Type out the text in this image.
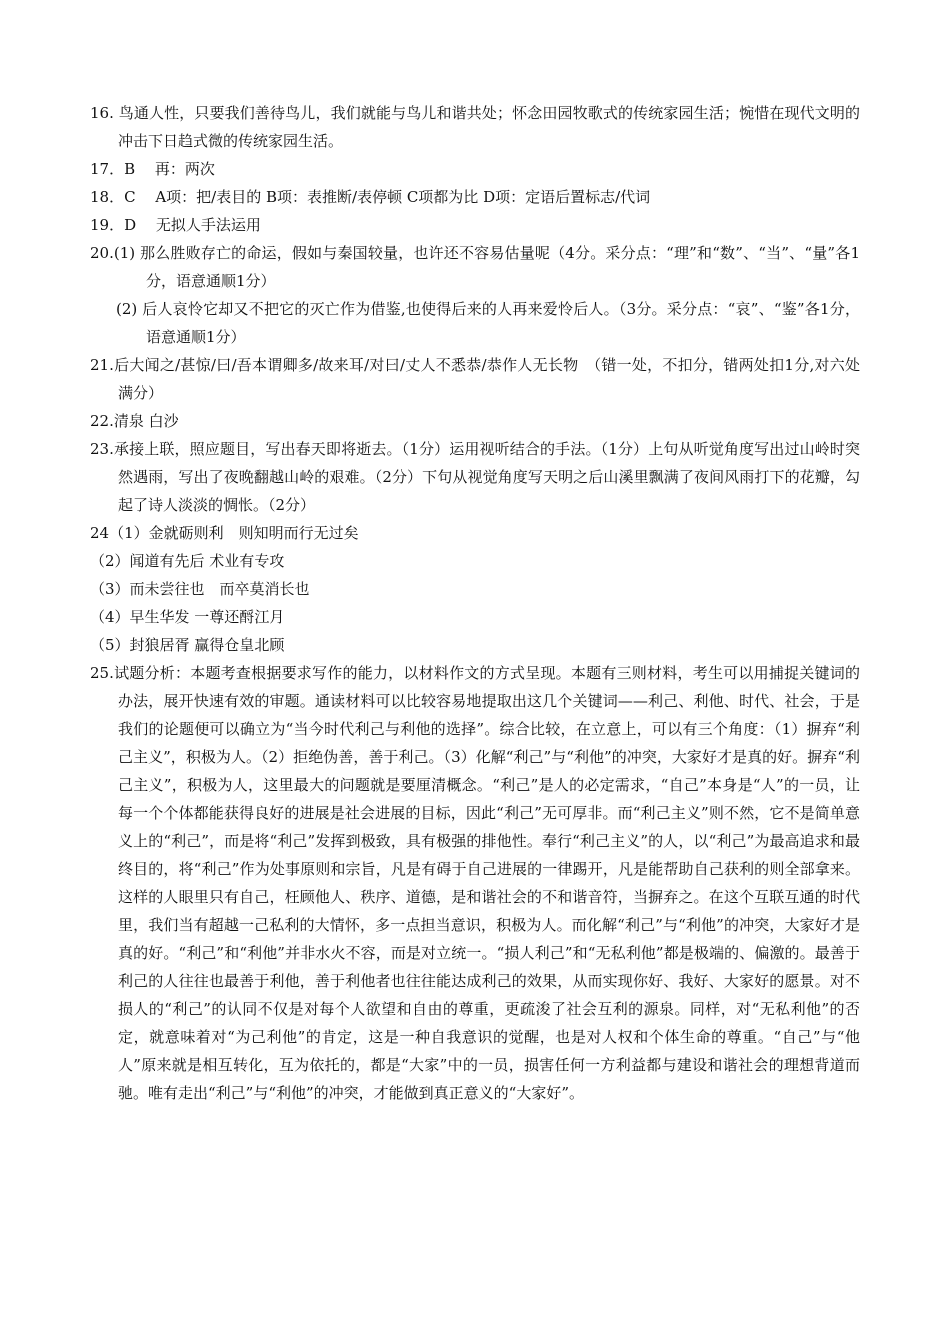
16. 鸟通人性，只要我们善待鸟儿，我们就能与鸟儿和谐共处；怀念田园牧歌式的传统家园生活；惋惜在现代文明的冲击下日趋式微的传统家园生活。

17．B　 再：两次

18．C　 A项：把/表目的 B项：表推断/表停顿 C项都为比 D项：定语后置标志/代词

19．D　 无拟人手法运用

20.(1) 那么胜败存亡的命运，假如与秦国较量，也许还不容易估量呢（4分。采分点：“理”和“数”、“当”、“量”各1分，语意通顺1分）

(2) 后人哀怜它却又不把它的灭亡作为借鉴,也使得后来的人再来爱怜后人。（3分。采分点：“哀”、“鉴”各1分，语意通顺1分）

21.后大闻之/甚惊/曰/吾本谓卿多/故来耳/对曰/丈人不悉恭/恭作人无长物　（错一处，不扣分，错两处扣1分,对六处满分）

22.清泉 白沙

23.承接上联，照应题目，写出春天即将逝去。（1分）运用视听结合的手法。（1分）上句从听觉角度写出过山岭时突然遇雨，写出了夜晚翻越山岭的艰难。（2分）下句从视觉角度写天明之后山溪里飘满了夜间风雨打下的花瓣，勾起了诗人淡淡的惆怅。（2分）

24（1）金就砺则利　则知明而行无过矣

（2）闻道有先后 术业有专攻

（3）而未尝往也　而卒莫消长也

（4）早生华发 一尊还酹江月

（5）封狼居胥 赢得仓皇北顾

25.试题分析：本题考查根据要求写作的能力，以材料作文的方式呈现。本题有三则材料，考生可以用捕捉关键词的办法，展开快速有效的审题。通读材料可以比较容易地提取出这几个关键词——利己、利他、时代、社会，于是我们的论题便可以确立为“当今时代利己与利他的选择”。综合比较，在立意上，可以有三个角度：（1）摒弃“利己主义”，积极为人。（2）拒绝伪善，善于利己。（3）化解“利己”与“利他”的冲突，大家好才是真的好。摒弃“利己主义”，积极为人，这里最大的问题就是要厘清概念。“利己”是人的必定需求，“自己”本身是“人”的一员，让每一个个体都能获得良好的进展是社会进展的目标，因此“利己”无可厚非。而“利己主义”则不然，它不是简单意义上的“利己”，而是将“利己”发挥到极致，具有极强的排他性。奉行“利己主义”的人，以“利己”为最高追求和最终目的，将“利己”作为处事原则和宗旨，凡是有碍于自己进展的一律踢开，凡是能帮助自己获利的则全部拿来。这样的人眼里只有自己，枉顾他人、秩序、道德，是和谐社会的不和谐音符，当摒弃之。在这个互联互通的时代里，我们当有超越一己私利的大情怀，多一点担当意识，积极为人。而化解“利己”与“利他”的冲突，大家好才是真的好。“利己”和“利他”并非水火不容，而是对立统一。“损人利己”和“无私利他”都是极端的、偏激的。最善于利己的人往往也最善于利他，善于利他者也往往能达成利己的效果，从而实现你好、我好、大家好的愿景。对不损人的“利己”的认同不仅是对每个人欲望和自由的尊重，更疏浚了社会互利的源泉。同样，对“无私利他”的否定，就意味着对“为己利他”的肯定，这是一种自我意识的觉醒，也是对人权和个体生命的尊重。“自己”与“他人”原来就是相互转化，互为依托的，都是“大家”中的一员，损害任何一方利益都与建设和谐社会的理想背道而驰。唯有走出“利己”与“利他”的冲突，才能做到真正意义的“大家好”。
